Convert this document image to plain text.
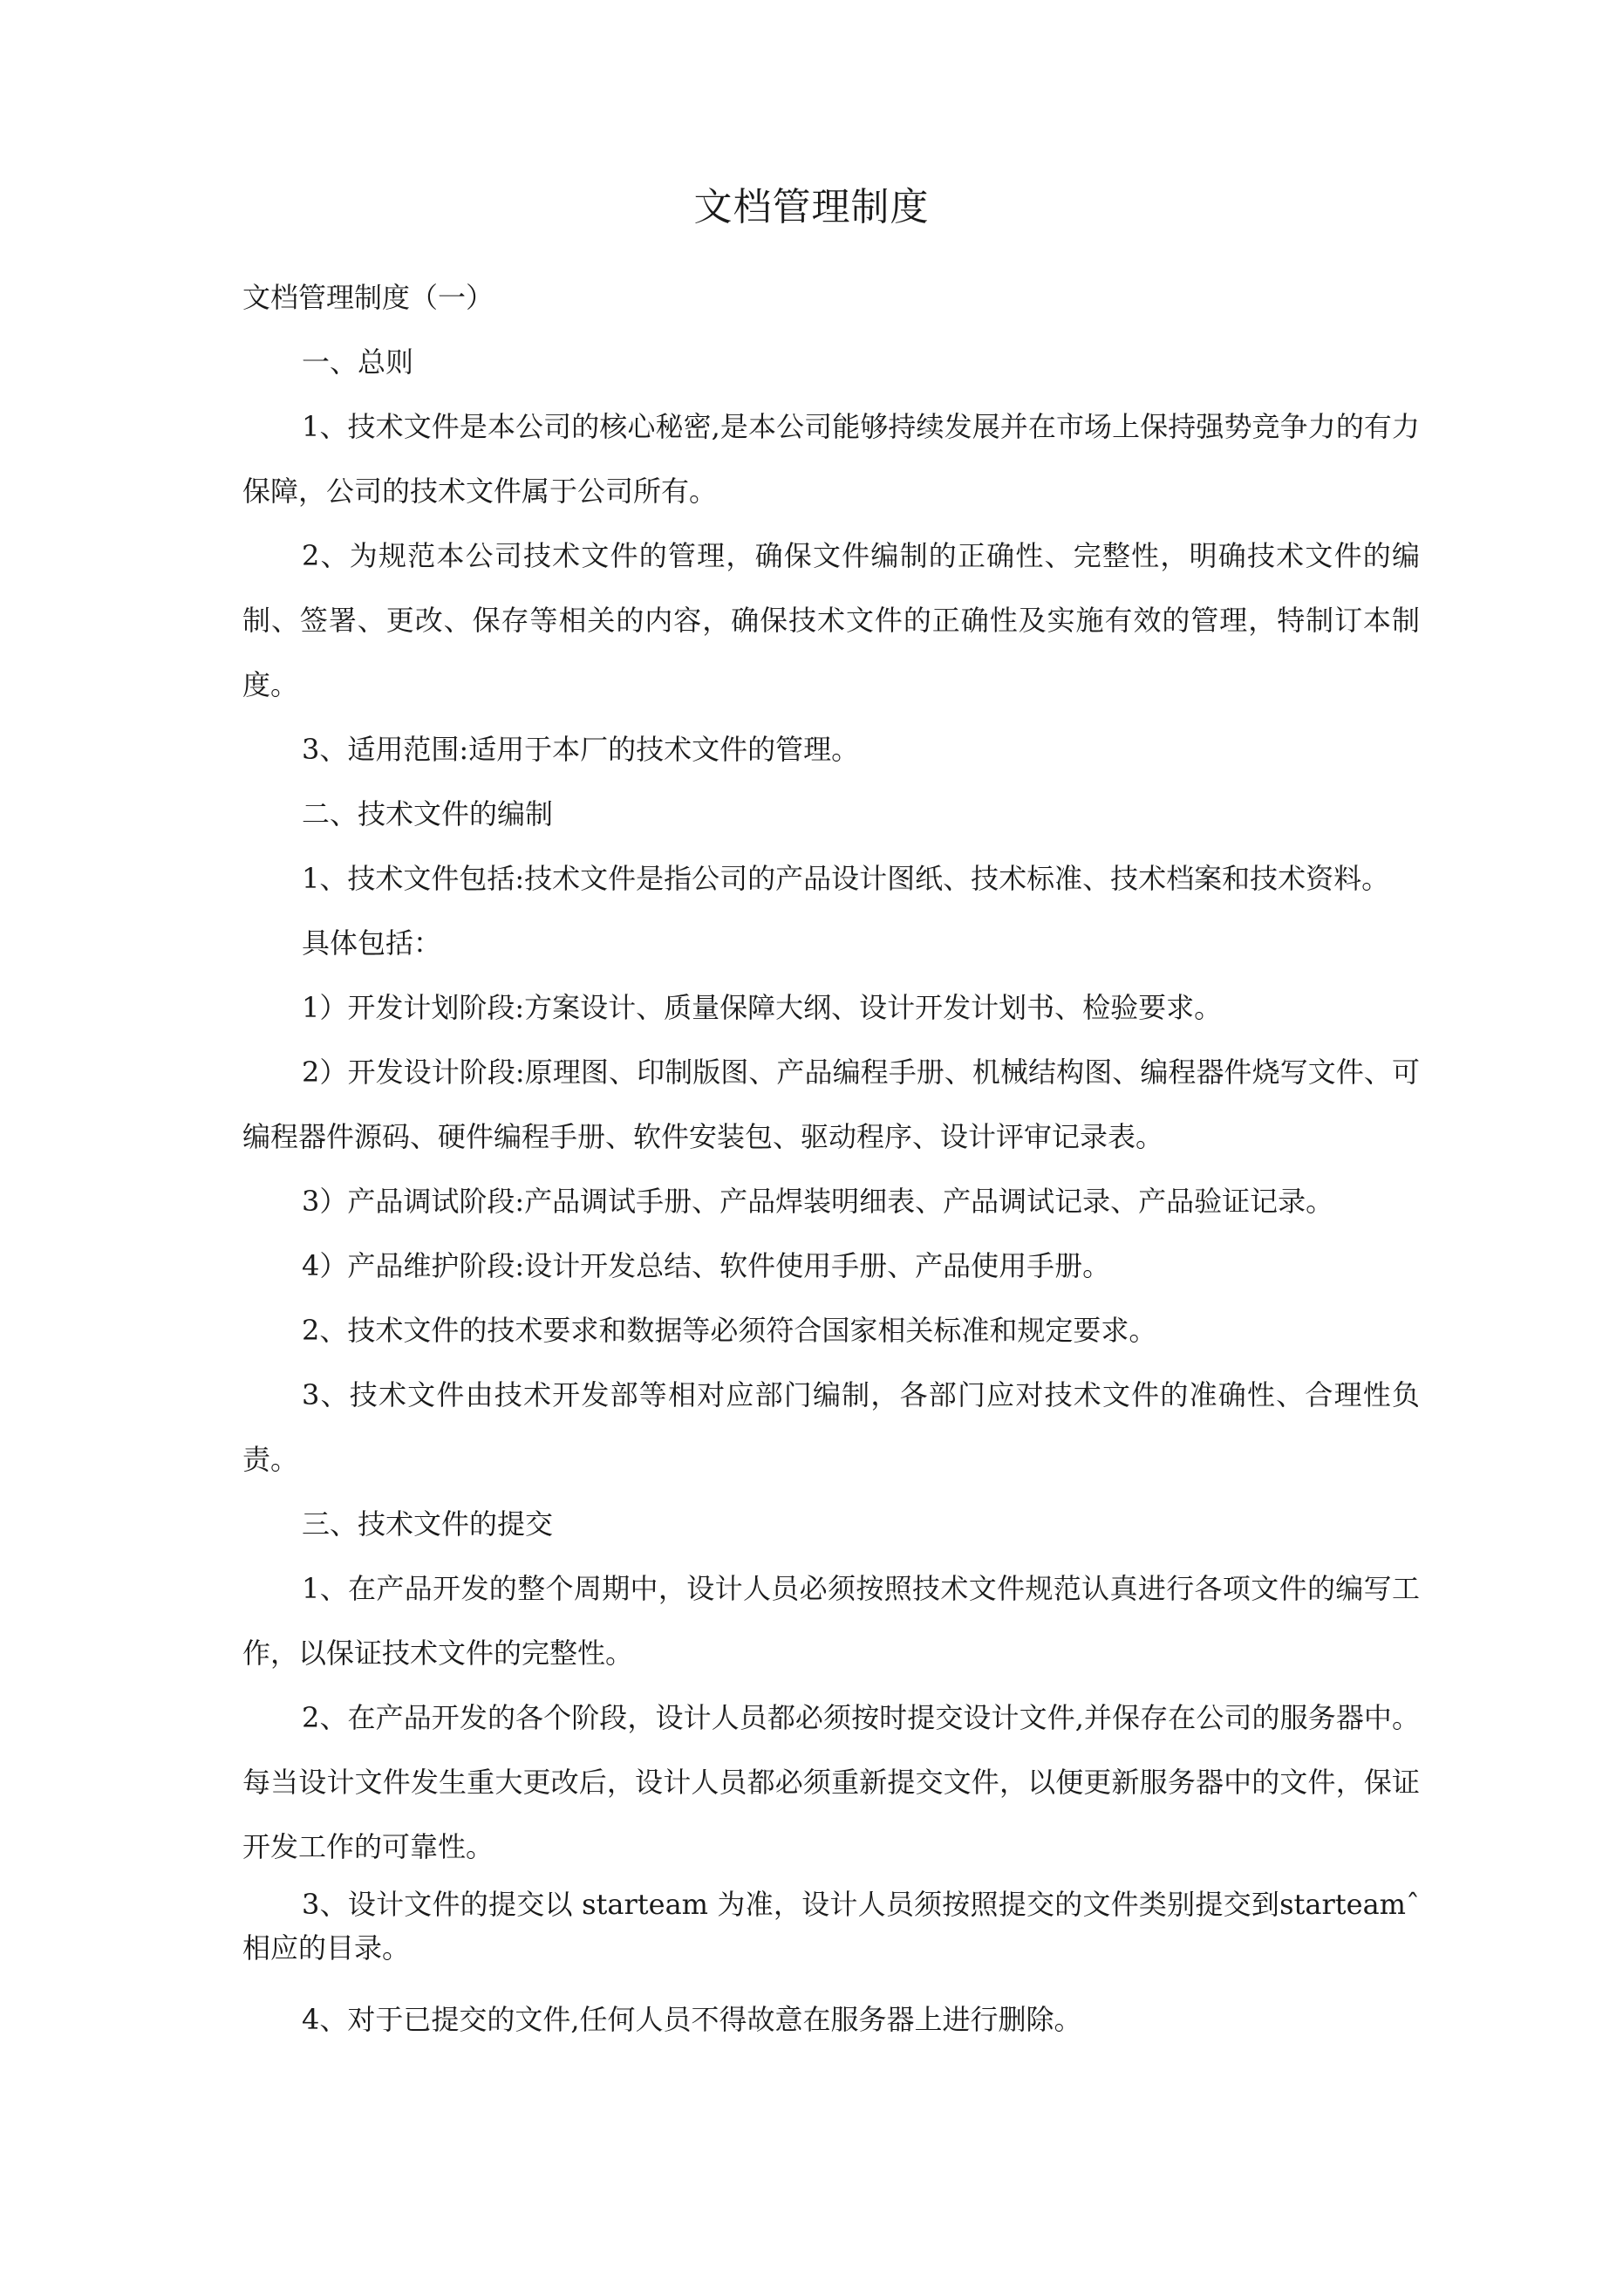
文档管理制度

文档管理制度（一）

一、总则

1、技术文件是本公司的核心秘密,是本公司能够持续发展并在市场上保持强势竞争力的有力保障，公司的技术文件属于公司所有。

2、为规范本公司技术文件的管理，确保文件编制的正确性、完整性，明确技术文件的编制、签署、更改、保存等相关的内容，确保技术文件的正确性及实施有效的管理，特制订本制度。

3、适用范围:适用于本厂的技术文件的管理。

二、技术文件的编制

1、技术文件包括:技术文件是指公司的产品设计图纸、技术标准、技术档案和技术资料。

具体包括：

1）开发计划阶段:方案设计、质量保障大纲、设计开发计划书、检验要求。

2）开发设计阶段:原理图、印制版图、产品编程手册、机械结构图、编程器件烧写文件、可编程器件源码、硬件编程手册、软件安装包、驱动程序、设计评审记录表。

3）产品调试阶段:产品调试手册、产品焊装明细表、产品调试记录、产品验证记录。

4）产品维护阶段:设计开发总结、软件使用手册、产品使用手册。

2、技术文件的技术要求和数据等必须符合国家相关标准和规定要求。

3、技术文件由技术开发部等相对应部门编制，各部门应对技术文件的准确性、合理性负责。

三、技术文件的提交

1、在产品开发的整个周期中，设计人员必须按照技术文件规范认真进行各项文件的编写工作，以保证技术文件的完整性。

2、在产品开发的各个阶段，设计人员都必须按时提交设计文件,并保存在公司的服务器中。每当设计文件发生重大更改后，设计人员都必须重新提交文件，以便更新服务器中的文件，保证开发工作的可靠性。

3、设计文件的提交以 starteam 为准，设计人员须按照提交的文件类别提交到starteamˆ相应的目录。

4、对于已提交的文件,任何人员不得故意在服务器上进行删除。
